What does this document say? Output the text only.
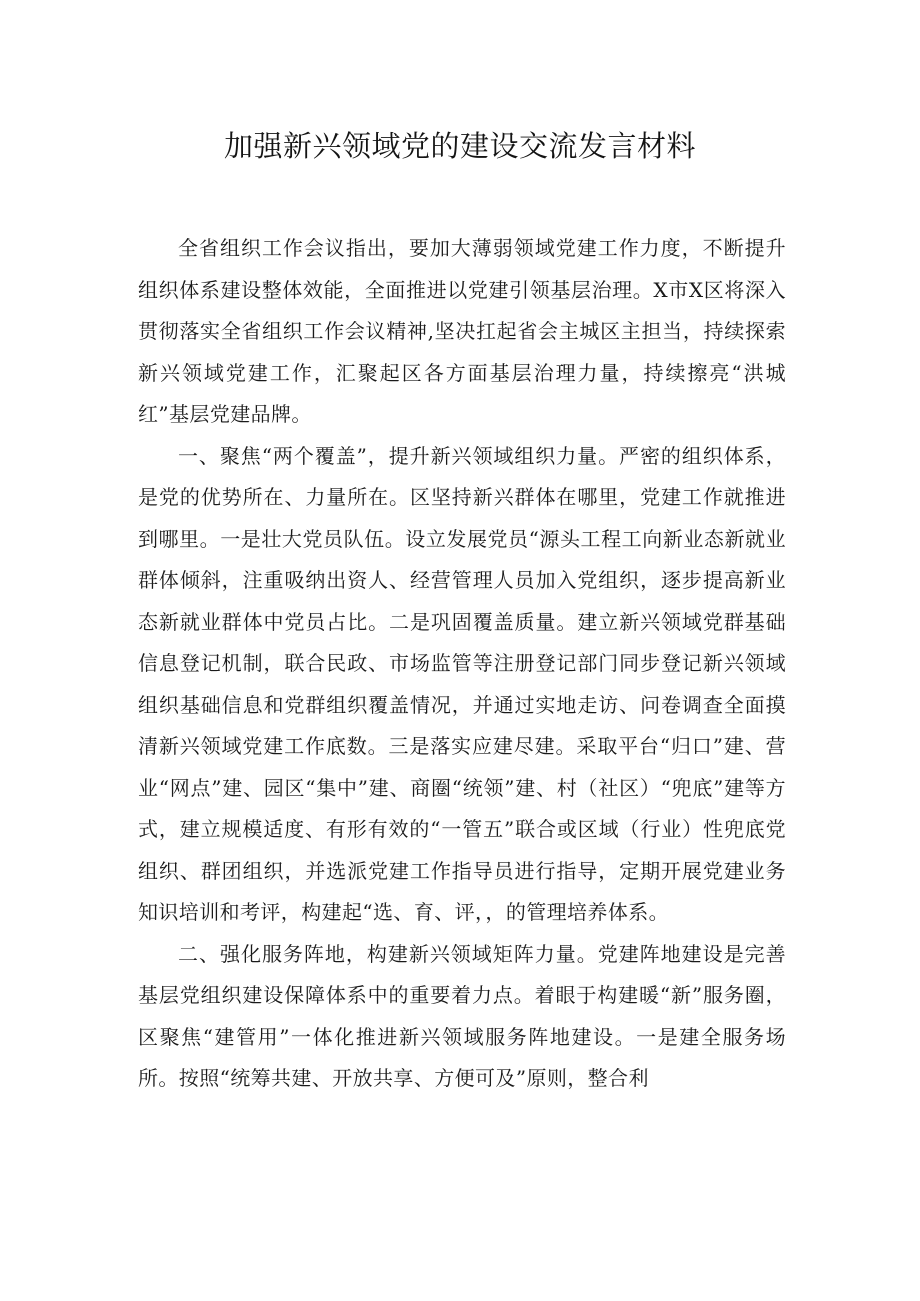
加强新兴领域党的建设交流发言材料

全省组织工作会议指出，要加大薄弱领域党建工作力度，不断提升组织体系建设整体效能，全面推进以党建引领基层治理。X市X区将深入贯彻落实全省组织工作会议精神,坚决扛起省会主城区主担当，持续探索新兴领域党建工作，汇聚起区各方面基层治理力量，持续擦亮“洪城红”基层党建品牌。

一、聚焦“两个覆盖”，提升新兴领域组织力量。严密的组织体系，是党的优势所在、力量所在。区坚持新兴群体在哪里，党建工作就推进到哪里。一是壮大党员队伍。设立发展党员“源头工程工向新业态新就业群体倾斜，注重吸纳出资人、经营管理人员加入党组织，逐步提高新业态新就业群体中党员占比。二是巩固覆盖质量。建立新兴领域党群基础信息登记机制，联合民政、市场监管等注册登记部门同步登记新兴领域组织基础信息和党群组织覆盖情况，并通过实地走访、问卷调查全面摸清新兴领域党建工作底数。三是落实应建尽建。采取平台“归口”建、营业“网点”建、园区“集中”建、商圈“统领”建、村（社区）“兜底”建等方式，建立规模适度、有形有效的“一管五”联合或区域（行业）性兜底党组织、群团组织，并选派党建工作指导员进行指导，定期开展党建业务知识培训和考评，构建起“选、育、评，，的管理培养体系。

二、强化服务阵地，构建新兴领域矩阵力量。党建阵地建设是完善基层党组织建设保障体系中的重要着力点。着眼于构建暖“新”服务圈，区聚焦“建管用”一体化推进新兴领域服务阵地建设。一是建全服务场所。按照“统筹共建、开放共享、方便可及”原则，整合利
